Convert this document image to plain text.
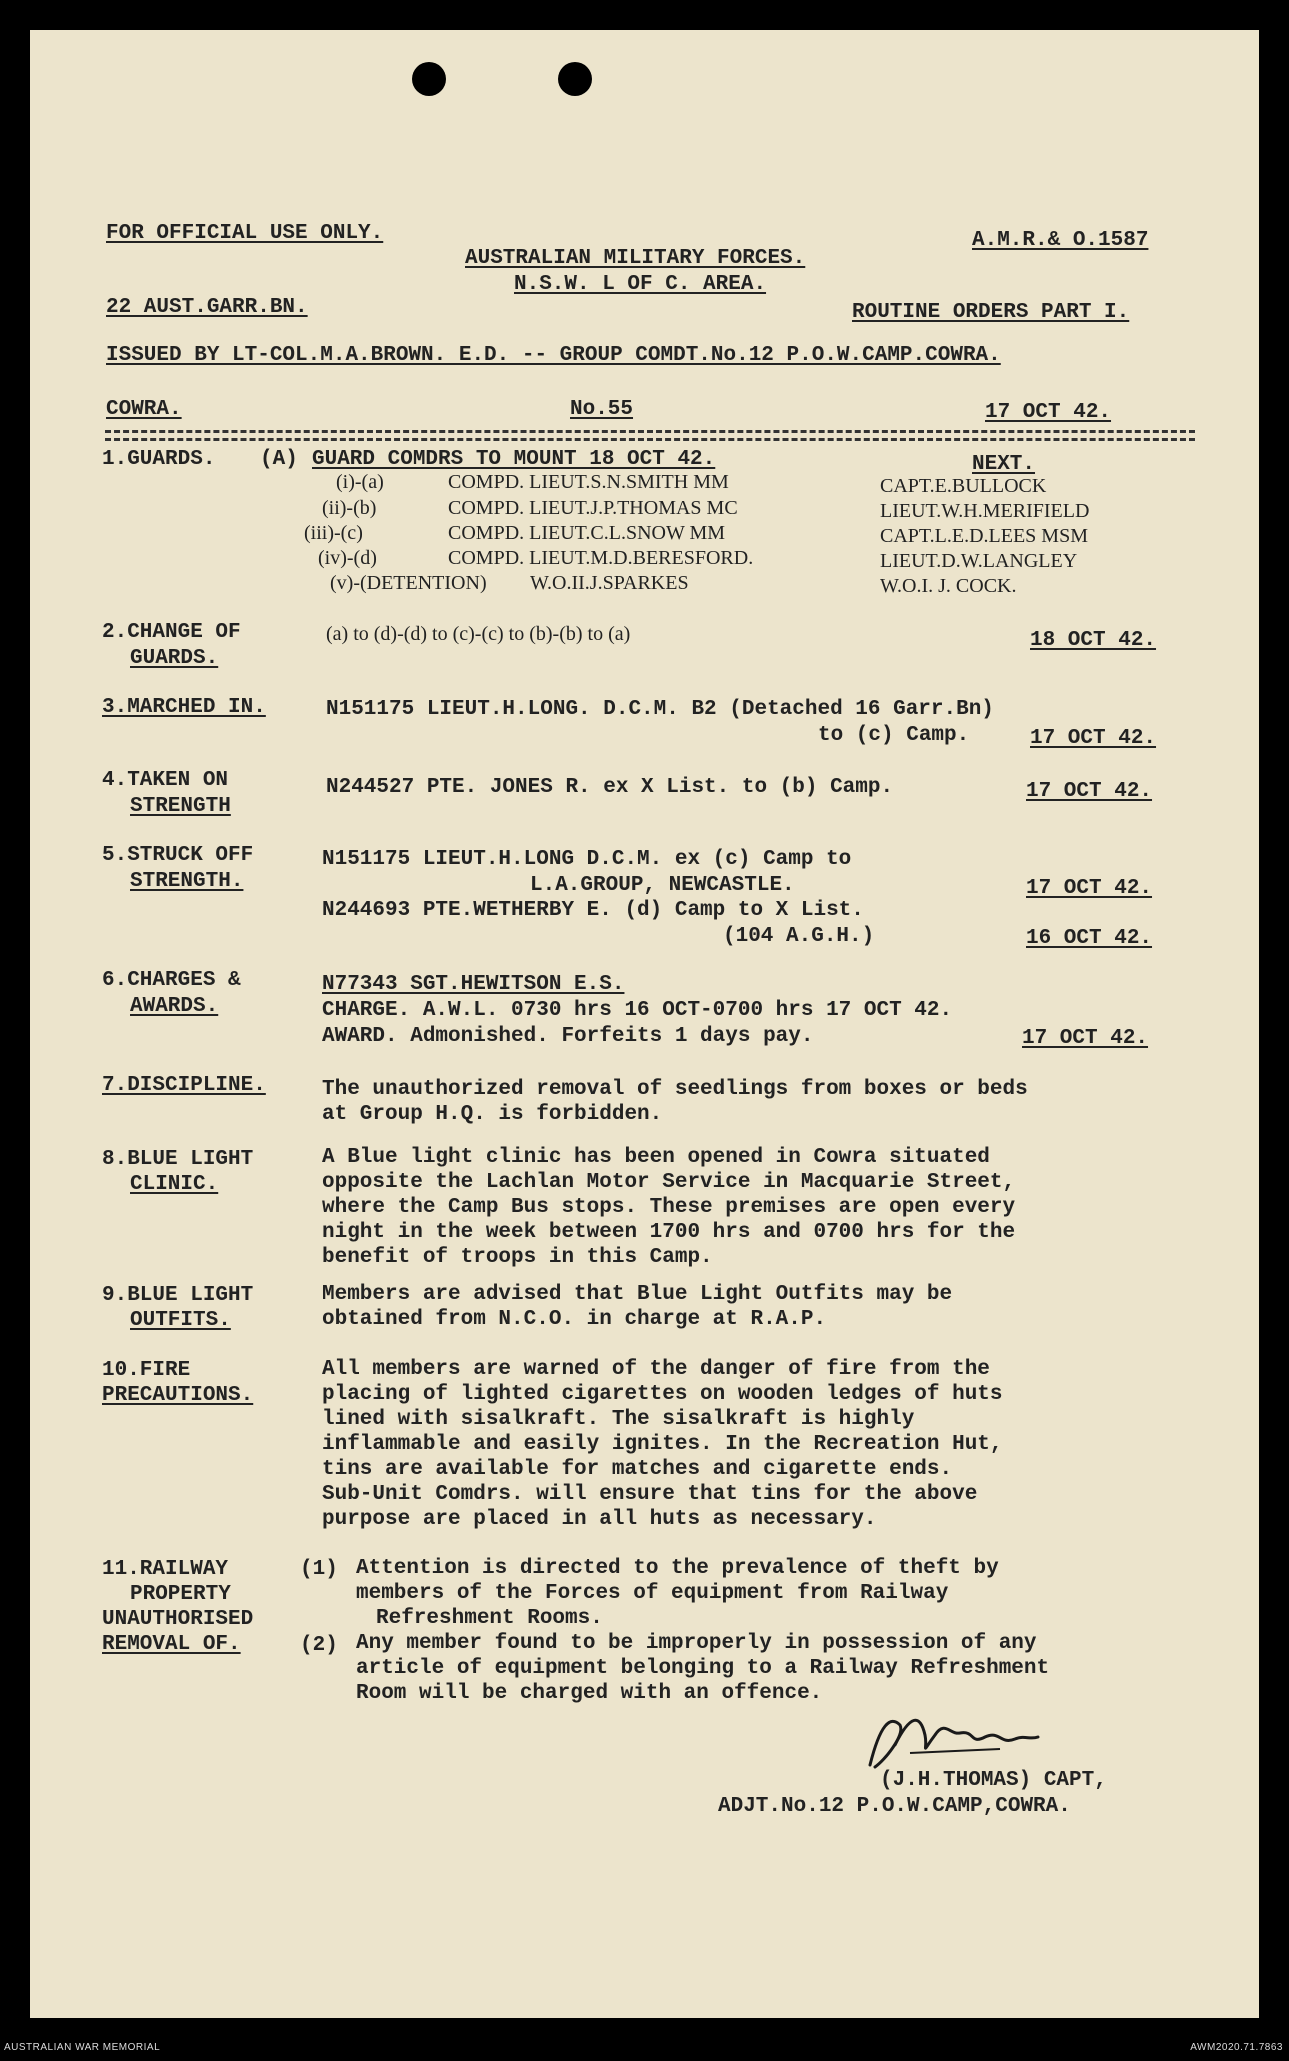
FOR OFFICIAL USE ONLY.
AUSTRALIAN MILITARY FORCES.
N.S.W. L OF C. AREA.
A.M.R.& O.1587
22 AUST.GARR.BN.	ROUTINE ORDERS PART I.
ISSUED BY LT-COL.M.A.BROWN. E.D. -- GROUP COMDT.No.12 P.O.W.CAMP.COWRA.
COWRA.	No.55	17 OCT 42.
1.GUARDS. (A) GUARD COMDRS TO MOUNT 18 OCT 42.	NEXT.
(i)-(a)	COMPD. LIEUT.S.N.SMITH MM	CAPT.E.BULLOCK
(ii)-(b)	COMPD. LIEUT.J.P.THOMAS MC	LIEUT.W.H.MERIFIELD
(iii)-(c)	COMPD. LIEUT.C.L.SNOW MM	CAPT.L.E.D.LEES MSM
(iv)-(d)	COMPD. LIEUT.M.D.BERESFORD.	LIEUT.D.W.LANGLEY
(v)-(DETENTION) W.O.II.J.SPARKES	W.O.I. J. COCK.
2.CHANGE OF
GUARDS.
(a) to (d)-(d) to (c)-(c) to (b)-(b) to (a)	18 OCT 42.
3.MARCHED IN.	N151175 LIEUT.H.LONG. D.C.M. B2 (Detached 16 Garr.Bn)
to (c) Camp.	17 OCT 42.
4.TAKEN ON
STRENGTH
N244527 PTE. JONES R. ex X List. to (b) Camp.	17 OCT 42.
5.STRUCK OFF
STRENGTH.
N151175 LIEUT.H.LONG D.C.M. ex (c) Camp to
L.A.GROUP, NEWCASTLE.	17 OCT 42.
N244693 PTE.WETHERBY E. (d) Camp to X List.
(104 A.G.H.)	16 OCT 42.
6.CHARGES &
AWARDS.
N77343 SGT.HEWITSON E.S.
CHARGE. A.W.L. 0730 hrs 16 OCT-0700 hrs 17 OCT 42.
AWARD. Admonished. Forfeits 1 days pay.	17 OCT 42.
7.DISCIPLINE.	The unauthorized removal of seedlings from boxes or beds
at Group H.Q. is forbidden.
8.BLUE LIGHT
CLINIC.
A Blue light clinic has been opened in Cowra situated
opposite the Lachlan Motor Service in Macquarie Street,
where the Camp Bus stops. These premises are open every
night in the week between 1700 hrs and 0700 hrs for the
benefit of troops in this Camp.
9.BLUE LIGHT
OUTFITS.
Members are advised that Blue Light Outfits may be
obtained from N.C.O. in charge at R.A.P.
10.FIRE
PRECAUTIONS.
All members are warned of the danger of fire from the
placing of lighted cigarettes on wooden ledges of huts
lined with sisalkraft. The sisalkraft is highly
inflammable and easily ignites. In the Recreation Hut,
tins are available for matches and cigarette ends.
Sub-Unit Comdrs. will ensure that tins for the above
purpose are placed in all huts as necessary.
11.RAILWAY
PROPERTY
UNAUTHORISED
REMOVAL OF.
(1) Attention is directed to the prevalence of theft by
members of the Forces of equipment from Railway
Refreshment Rooms.
(2) Any member found to be improperly in possession of any
article of equipment belonging to a Railway Refreshment
Room will be charged with an offence.
(J.H.THOMAS) CAPT,
ADJT.No.12 P.O.W.CAMP,COWRA.
AUSTRALIAN WAR MEMORIAL	AWM2020.71.7863
